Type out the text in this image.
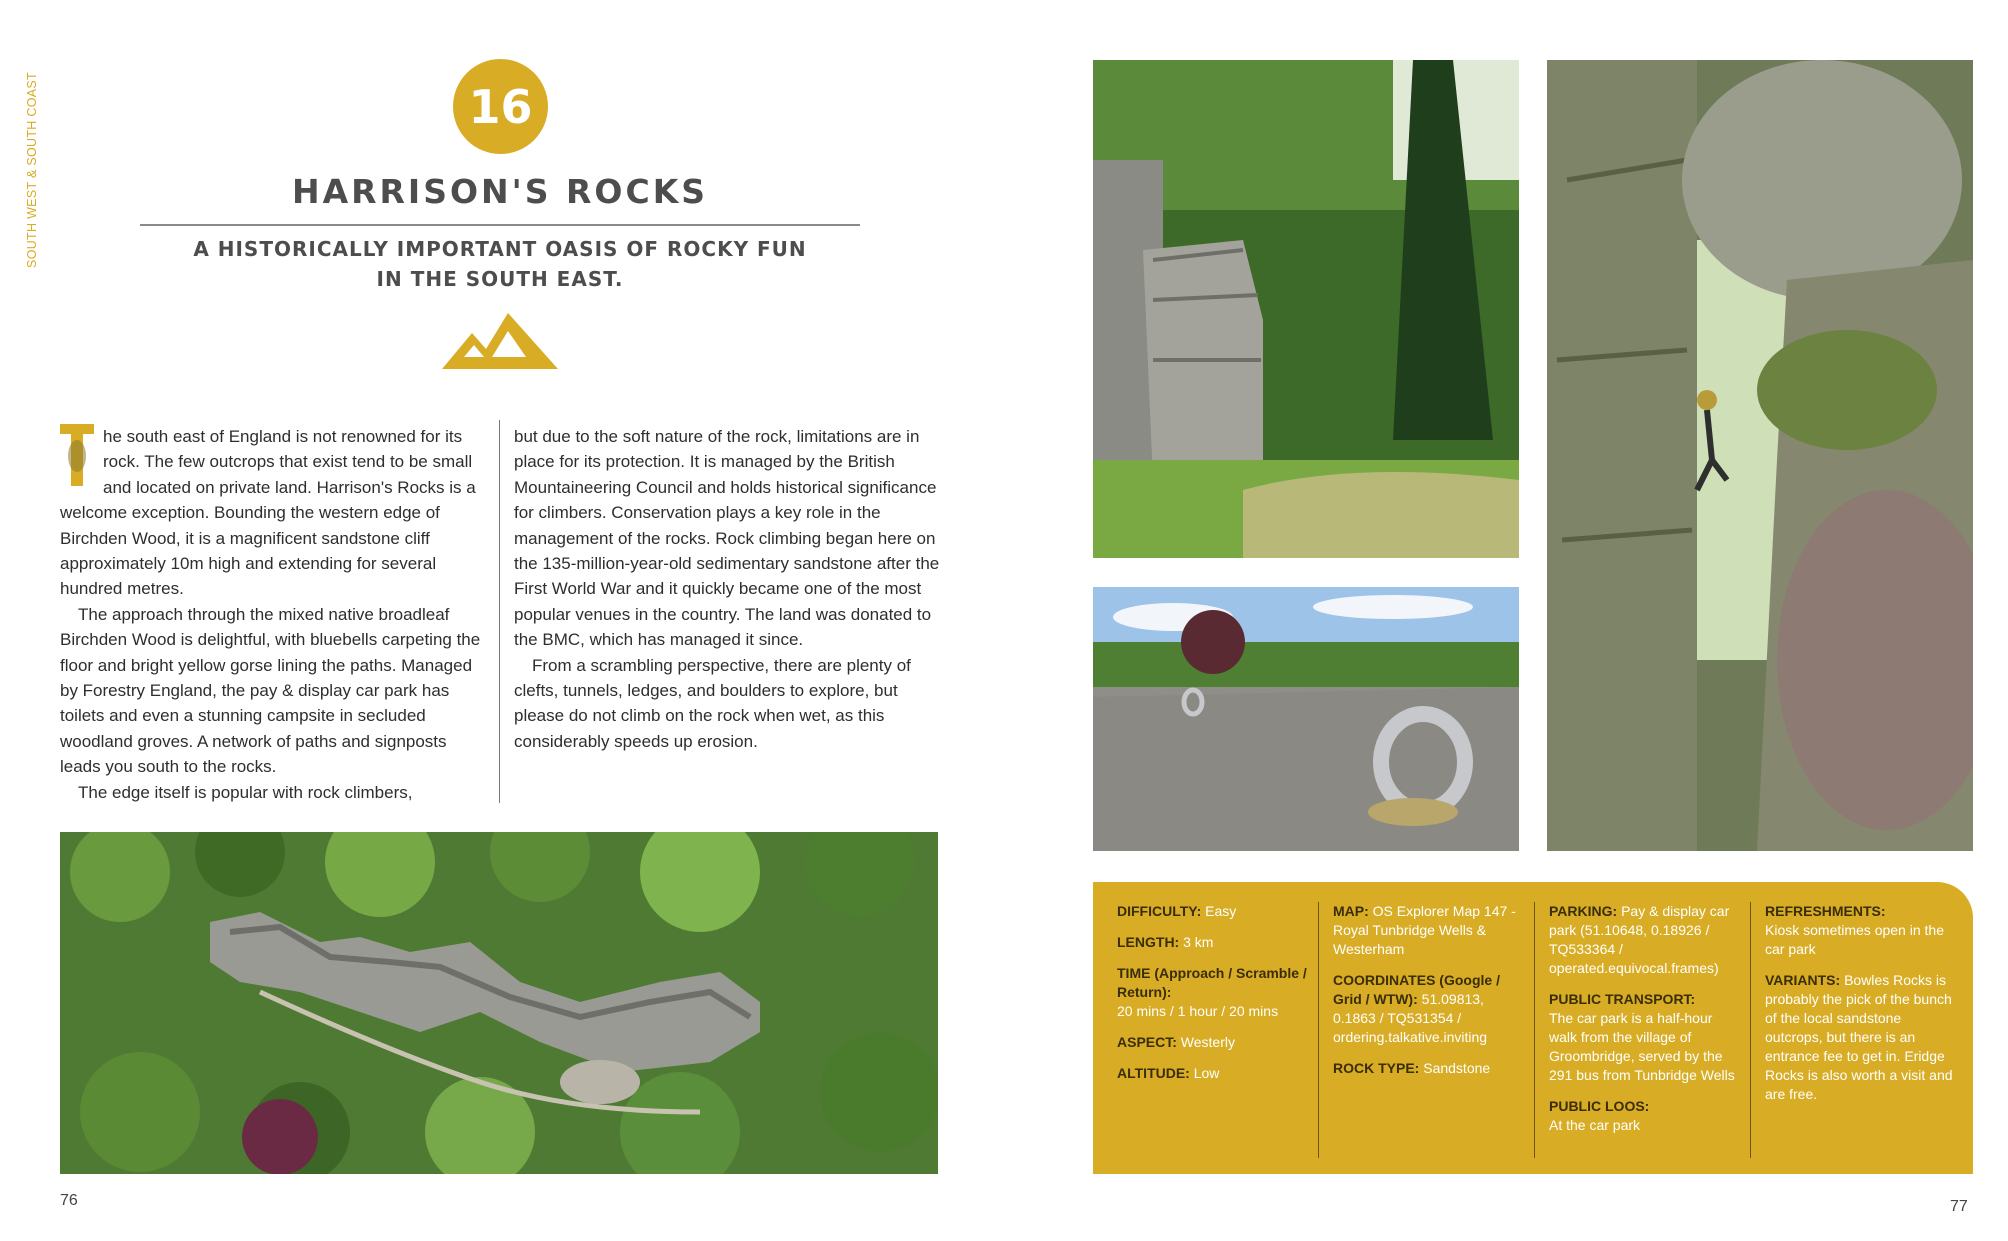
SOUTH WEST & SOUTH COAST	16
HARRISON'S ROCKS
A HISTORICALLY IMPORTANT OASIS OF ROCKY FUN
IN THE SOUTH EAST.

he south east of England is not renowned for its rock. The few outcrops that exist tend to be small and located on private land. Harrison's Rocks is a welcome exception. Bounding the western edge of Birchden Wood, it is a magnificent sandstone cliff approximately 10m high and extending for several hundred metres.

The approach through the mixed native broadleaf Birchden Wood is delightful, with bluebells carpeting the floor and bright yellow gorse lining the paths. Managed by Forestry England, the pay & display car park has toilets and even a stunning campsite in secluded woodland groves. A network of paths and signposts leads you south to the rocks.

The edge itself is popular with rock climbers,

but due to the soft nature of the rock, limitations are in place for its protection. It is managed by the British Mountaineering Council and holds historical significance for climbers. Conservation plays a key role in the management of the rocks. Rock climbing began here on the 135-million-year-old sedimentary sandstone after the First World War and it quickly became one of the most popular venues in the country. The land was donated to the BMC, which has managed it since.

From a scrambling perspective, there are plenty of clefts, tunnels, ledges, and boulders to explore, but please do not climb on the rock when wet, as this considerably speeds up erosion.

DIFFICULTY: Easy
LENGTH: 3 km
TIME (Approach / Scramble / Return):
20 mins / 1 hour / 20 mins
ASPECT: Westerly
ALTITUDE: Low
MAP: OS Explorer Map 147 - Royal Tunbridge Wells & Westerham
COORDINATES (Google / Grid / WTW): 51.09813, 0.1863 / TQ531354 / ordering.talkative.inviting
ROCK TYPE: Sandstone
PARKING: Pay & display car park (51.10648, 0.18926 / TQ533364 / operated.equivocal.frames)
PUBLIC TRANSPORT:
The car park is a half-hour walk from the village of Groombridge, served by the 291 bus from Tunbridge Wells
PUBLIC LOOS:
At the car park
REFRESHMENTS:
Kiosk sometimes open in the car park
VARIANTS: Bowles Rocks is probably the pick of the bunch of the local sandstone outcrops, but there is an entrance fee to get in. Eridge Rocks is also worth a visit and are free.
76	77
